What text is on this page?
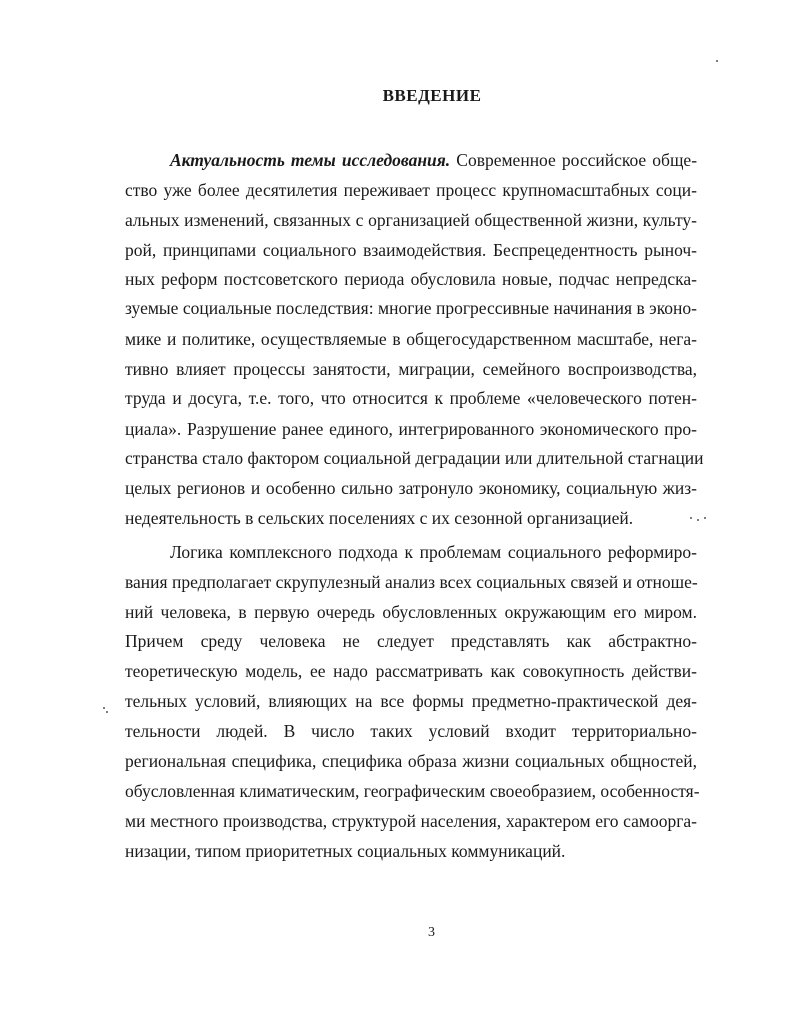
ВВЕДЕНИЕ

Актуальность темы исследования. Современное российское обще-

ство уже более десятилетия переживает процесс крупномасштабных соци-

альных изменений, связанных с организацией общественной жизни, культу-

рой, принципами социального взаимодействия. Беспрецедентность рыноч-

ных реформ постсоветского периода обусловила новые, подчас непредска-

зуемые социальные последствия: многие прогрессивные начинания в эконо-

мике и политике, осуществляемые в общегосударственном масштабе, нега-

тивно влияет процессы занятости, миграции, семейного воспроизводства,

труда и досуга, т.е. того, что относится к проблеме «человеческого потен-

циала». Разрушение ранее единого, интегрированного экономического про-

странства стало фактором социальной деградации или длительной стагнации

целых регионов и особенно сильно затронуло экономику, социальную жиз-

недеятельность в сельских поселениях с их сезонной организацией.

Логика комплексного подхода к проблемам социального реформиро-

вания предполагает скрупулезный анализ всех социальных связей и отноше-

ний человека, в первую очередь обусловленных окружающим его миром.

Причем среду человека не следует представлять как абстрактно-

теоретическую модель, ее надо рассматривать как совокупность действи-

тельных условий, влияющих на все формы предметно-практической дея-

тельности людей. В число таких условий входит территориально-

региональная специфика, специфика образа жизни социальных общностей,

обусловленная климатическим, географическим своеобразием, особенностя-

ми местного производства, структурой населения, характером его самоорга-

низации, типом приоритетных социальных коммуникаций.

3
